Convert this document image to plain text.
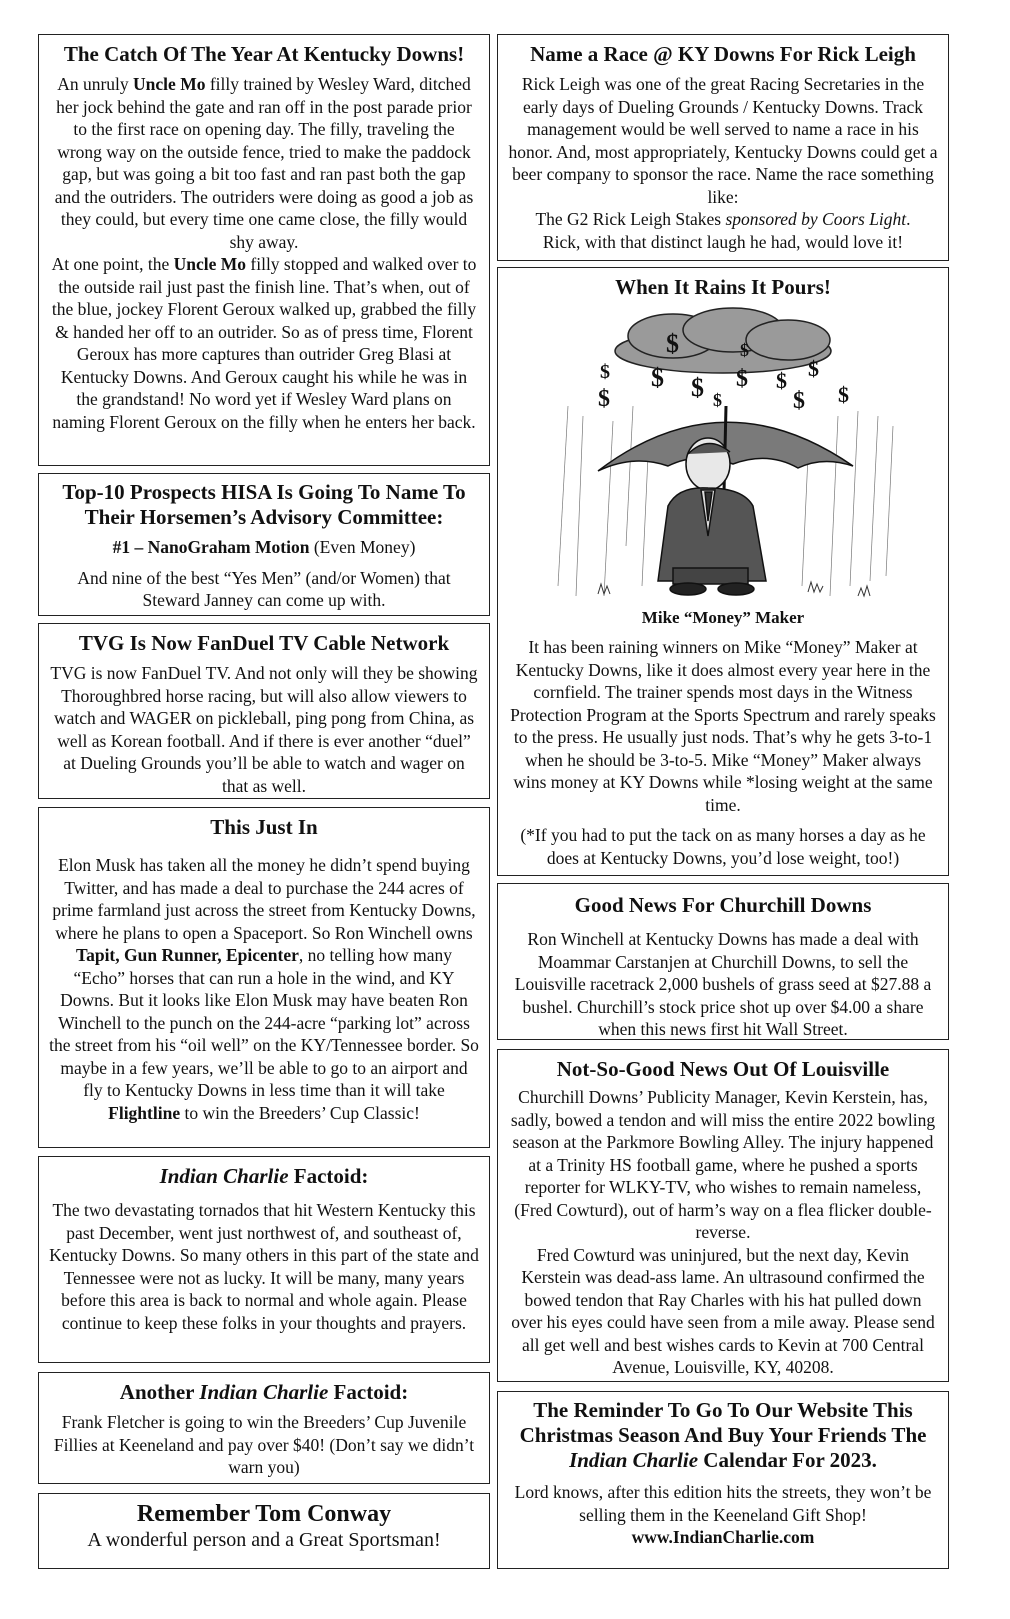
The Catch Of The Year At Kentucky Downs!

An unruly Uncle Mo filly trained by Wesley Ward, ditched her jock behind the gate and ran off in the post parade prior to the first race on opening day. The filly, traveling the wrong way on the outside fence, tried to make the paddock gap, but was going a bit too fast and ran past both the gap and the outriders. The outriders were doing as good a job as they could, but every time one came close, the filly would shy away.

At one point, the Uncle Mo filly stopped and walked over to the outside rail just past the finish line. That’s when, out of the blue, jockey Florent Geroux walked up, grabbed the filly & handed her off to an outrider. So as of press time, Florent Geroux has more captures than outrider Greg Blasi at Kentucky Downs. And Geroux caught his while he was in the grandstand! No word yet if Wesley Ward plans on naming Florent Geroux on the filly when he enters her back.

Top-10 Prospects HISA Is Going To Name To Their Horsemen’s Advisory Committee:

#1 – NanoGraham Motion (Even Money)

And nine of the best “Yes Men” (and/or Women) that Steward Janney can come up with.

TVG Is Now FanDuel TV Cable Network

TVG is now FanDuel TV. And not only will they be showing Thoroughbred horse racing, but will also allow viewers to watch and WAGER on pickleball, ping pong from China, as well as Korean football. And if there is ever another “duel” at Dueling Grounds you’ll be able to watch and wager on that as well.

This Just In

Elon Musk has taken all the money he didn’t spend buying Twitter, and has made a deal to purchase the 244 acres of prime farmland just across the street from Kentucky Downs, where he plans to open a Spaceport. So Ron Winchell owns Tapit, Gun Runner, Epicenter, no telling how many “Echo” horses that can run a hole in the wind, and KY Downs. But it looks like Elon Musk may have beaten Ron Winchell to the punch on the 244-acre “parking lot” across the street from his “oil well” on the KY/Tennessee border. So maybe in a few years, we’ll be able to go to an airport and fly to Kentucky Downs in less time than it will take Flightline to win the Breeders’ Cup Classic!

Indian Charlie Factoid:

The two devastating tornados that hit Western Kentucky this past December, went just northwest of, and southeast of, Kentucky Downs. So many others in this part of the state and Tennessee were not as lucky. It will be many, many years before this area is back to normal and whole again. Please continue to keep these folks in your thoughts and prayers.

Another Indian Charlie Factoid:

Frank Fletcher is going to win the Breeders’ Cup Juvenile Fillies at Keeneland and pay over $40! (Don’t say we didn’t warn you)

Remember Tom Conway

A wonderful person and a Great Sportsman!

Name a Race @ KY Downs For Rick Leigh

Rick Leigh was one of the great Racing Secretaries in the early days of Dueling Grounds / Kentucky Downs. Track management would be well served to name a race in his honor. And, most appropriately, Kentucky Downs could get a beer company to sponsor the race. Name the race something like:

The G2 Rick Leigh Stakes sponsored by Coors Light.

Rick, with that distinct laugh he had, would love it!

When It Rains It Pours!
$	$
$ $ $ $ $ $
$	$ $
$
Mike “Money” Maker

It has been raining winners on Mike “Money” Maker at Kentucky Downs, like it does almost every year here in the cornfield. The trainer spends most days in the Witness Protection Program at the Sports Spectrum and rarely speaks to the press. He usually just nods. That’s why he gets 3-to-1 when he should be 3-to-5. Mike “Money” Maker always wins money at KY Downs while *losing weight at the same time.

(*If you had to put the tack on as many horses a day as he does at Kentucky Downs, you’d lose weight, too!)

Good News For Churchill Downs

Ron Winchell at Kentucky Downs has made a deal with Moammar Carstanjen at Churchill Downs, to sell the Louisville racetrack 2,000 bushels of grass seed at $27.88 a bushel. Churchill’s stock price shot up over $4.00 a share when this news first hit Wall Street.

Not-So-Good News Out Of Louisville

Churchill Downs’ Publicity Manager, Kevin Kerstein, has, sadly, bowed a tendon and will miss the entire 2022 bowling season at the Parkmore Bowling Alley. The injury happened at a Trinity HS football game, where he pushed a sports reporter for WLKY-TV, who wishes to remain nameless, (Fred Cowturd), out of harm’s way on a flea flicker double-reverse.

Fred Cowturd was uninjured, but the next day, Kevin Kerstein was dead-ass lame. An ultrasound confirmed the bowed tendon that Ray Charles with his hat pulled down over his eyes could have seen from a mile away. Please send all get well and best wishes cards to Kevin at 700 Central Avenue, Louisville, KY, 40208.

The Reminder To Go To Our Website This Christmas Season And Buy Your Friends The Indian Charlie Calendar For 2023.

Lord knows, after this edition hits the streets, they won’t be selling them in the Keeneland Gift Shop!

www.IndianCharlie.com
